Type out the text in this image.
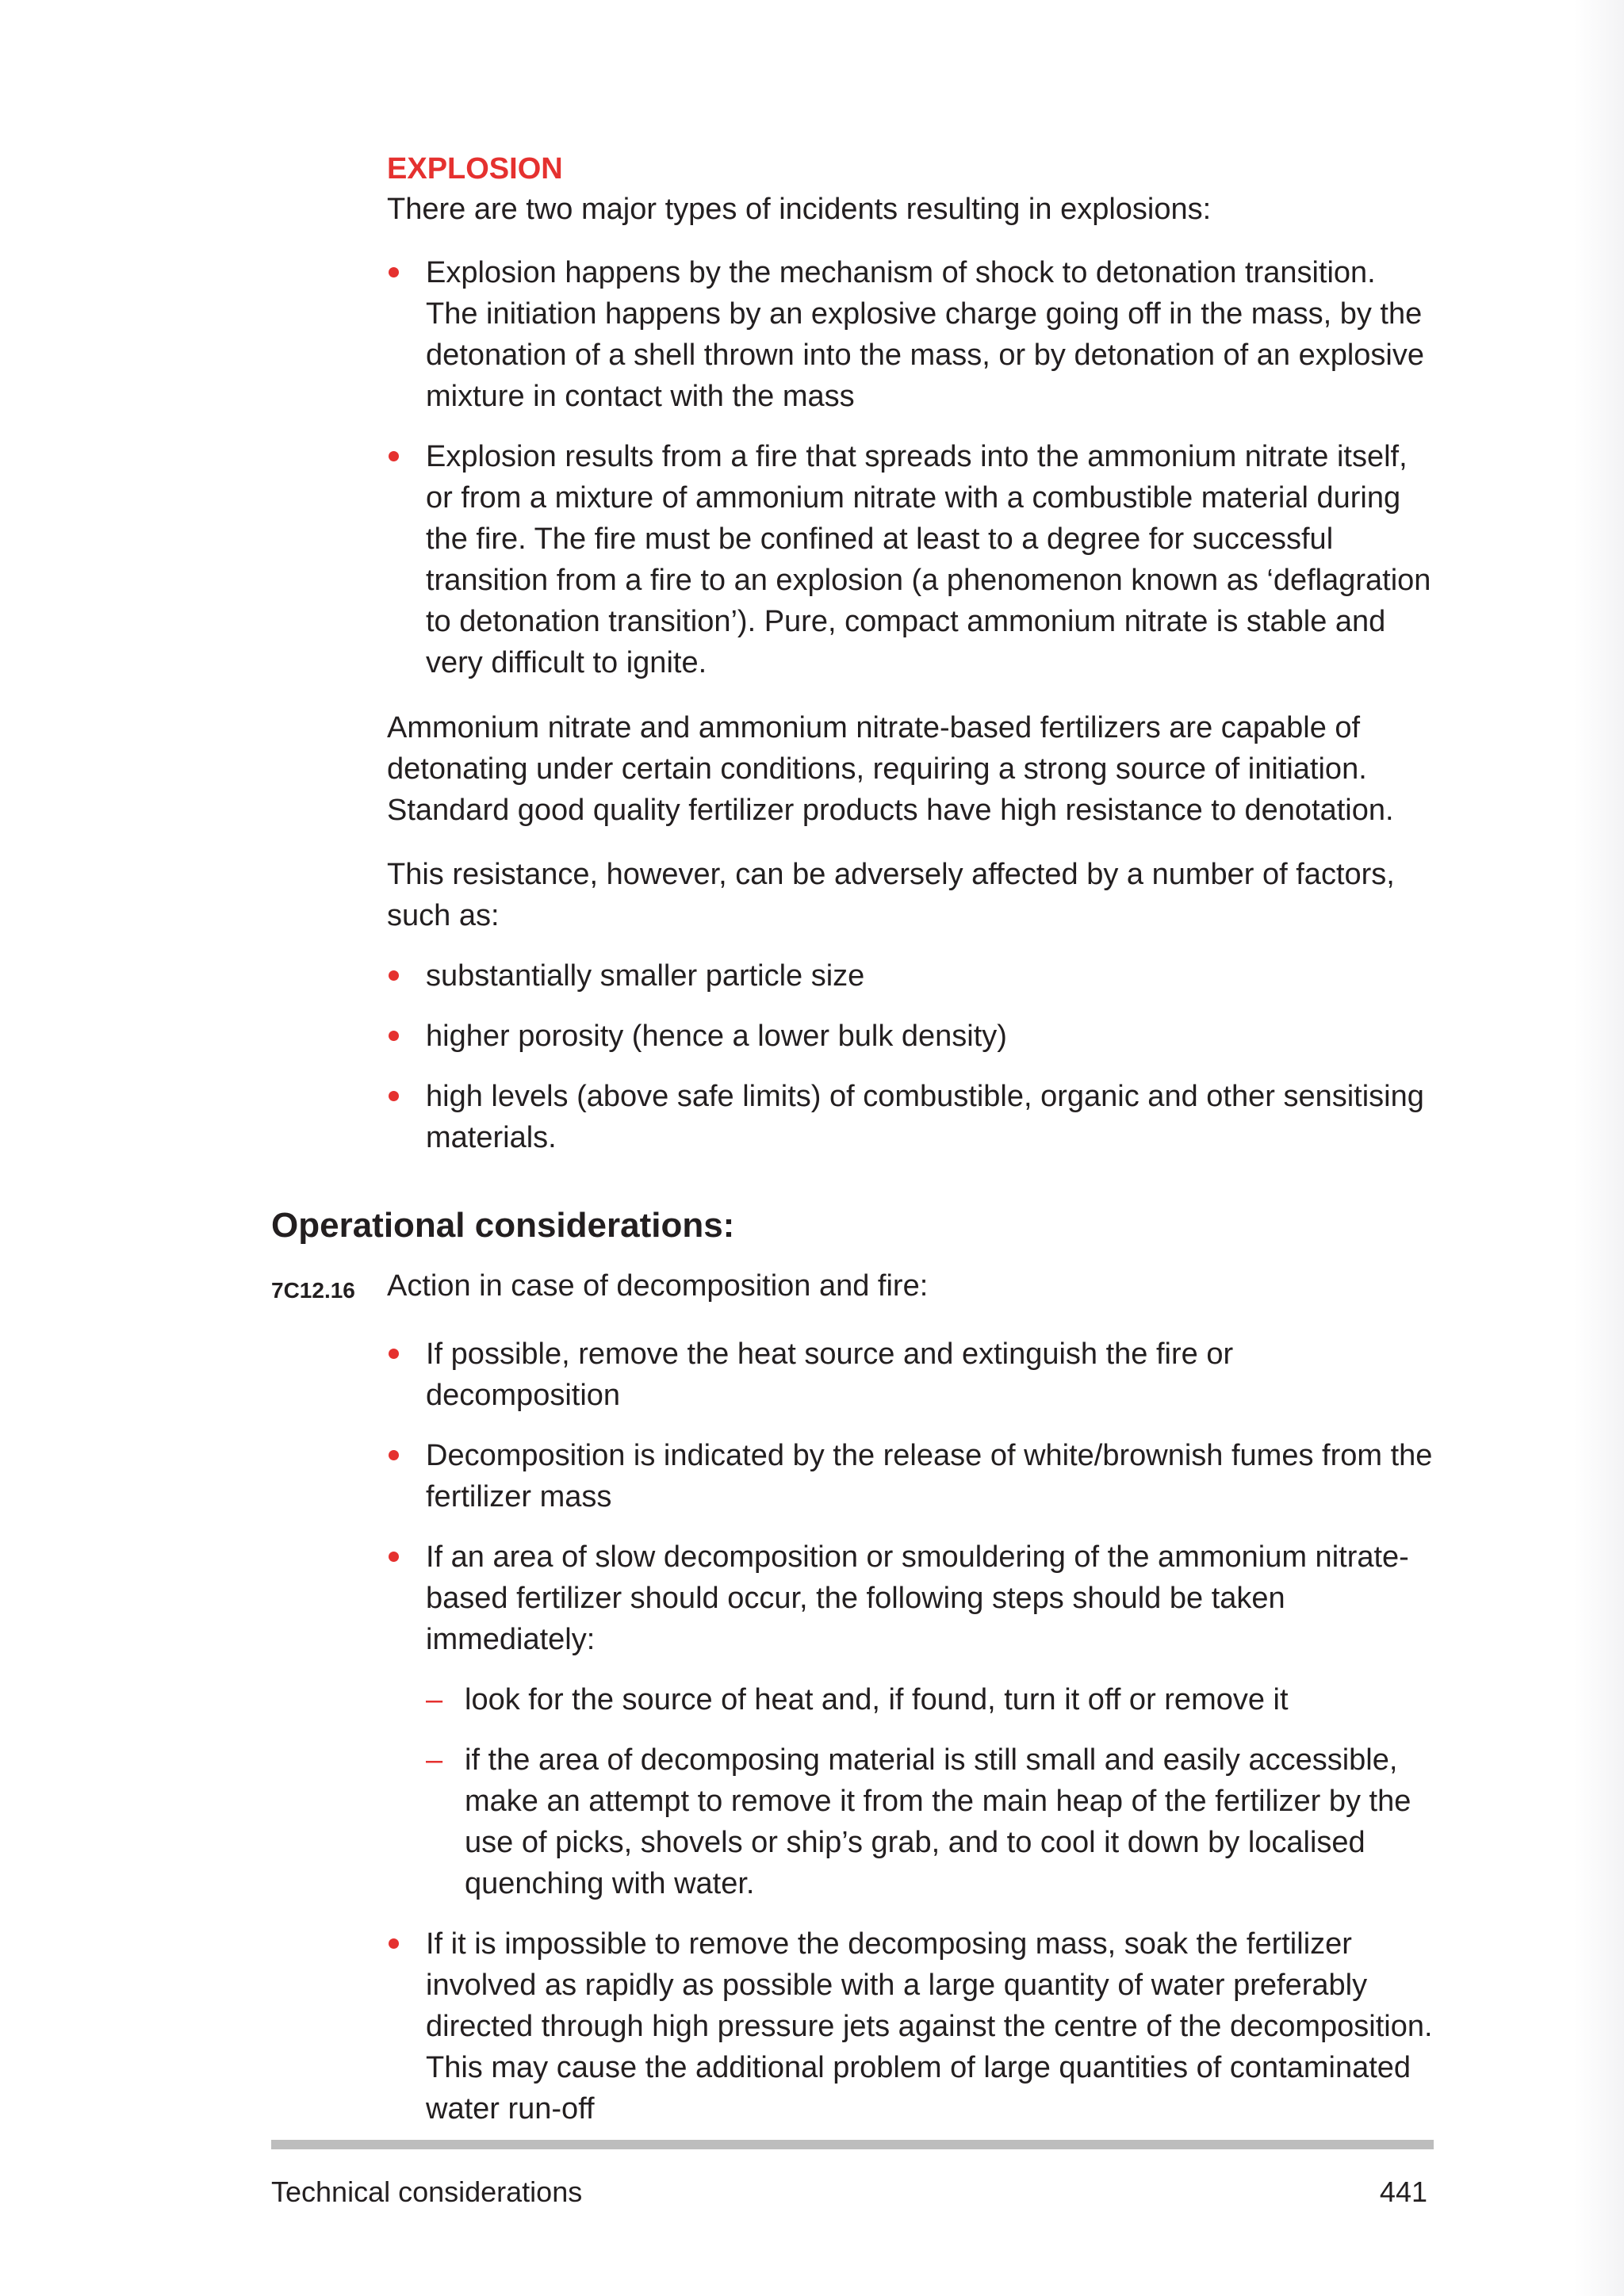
EXPLOSION
There are two major types of incidents resulting in explosions:
Explosion happens by the mechanism of shock to detonation transition. The initiation happens by an explosive charge going off in the mass, by the detonation of a shell thrown into the mass, or by detonation of an explosive mixture in contact with the mass
Explosion results from a fire that spreads into the ammonium nitrate itself, or from a mixture of ammonium nitrate with a combustible material during the fire. The fire must be confined at least to a degree for successful transition from a fire to an explosion (a phenomenon known as ‘deflagration to detonation transition’). Pure, compact ammonium nitrate is stable and very difficult to ignite.
Ammonium nitrate and ammonium nitrate-based fertilizers are capable of detonating under certain conditions, requiring a strong source of initiation. Standard good quality fertilizer products have high resistance to denotation.
This resistance, however, can be adversely affected by a number of factors, such as:
substantially smaller particle size
higher porosity (hence a lower bulk density)
high levels (above safe limits) of combustible, organic and other sensitising materials.
Operational considerations:
7C12.16 Action in case of decomposition and fire:
If possible, remove the heat source and extinguish the fire or decomposition
Decomposition is indicated by the release of white/brownish fumes from the fertilizer mass
If an area of slow decomposition or smouldering of the ammonium nitrate-based fertilizer should occur, the following steps should be taken immediately:
– look for the source of heat and, if found, turn it off or remove it
– if the area of decomposing material is still small and easily accessible, make an attempt to remove it from the main heap of the fertilizer by the use of picks, shovels or ship’s grab, and to cool it down by localised quenching with water.
If it is impossible to remove the decomposing mass, soak the fertilizer involved as rapidly as possible with a large quantity of water preferably directed through high pressure jets against the centre of the decomposition. This may cause the additional problem of large quantities of contaminated water run-off
Technical considerations	441
